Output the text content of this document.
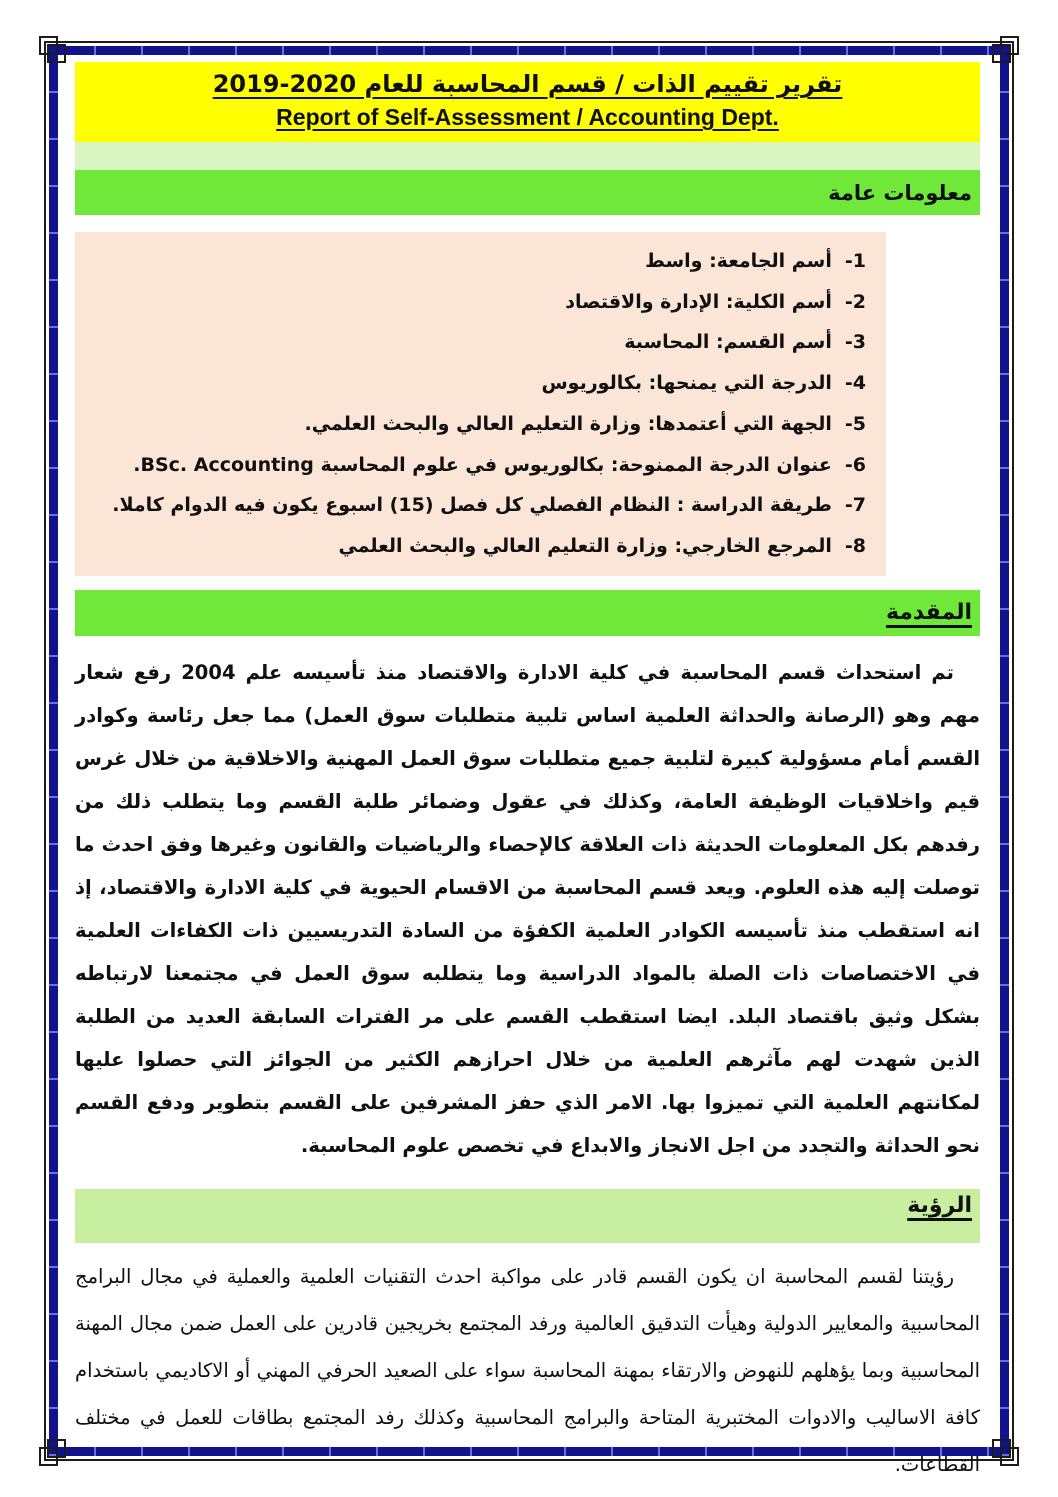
تقرير تقييم الذات / قسم المحاسبة للعام 2020-2019
Report of Self-Assessment / Accounting Dept.
معلومات عامة
1-أسم الجامعة: واسط
2-أسم الكلية: الإدارة والاقتصاد
3-أسم القسم: المحاسبة
4-الدرجة التي يمنحها: بكالوريوس
5-الجهة التي أعتمدها: وزارة التعليم العالي والبحث العلمي.
6-عنوان الدرجة الممنوحة: بكالوريوس في علوم المحاسبة BSc. Accounting.
7-طريقة الدراسة : النظام الفصلي كل فصل (15) اسبوع يكون فيه الدوام كاملا.
8-المرجع الخارجي: وزارة التعليم العالي والبحث العلمي
المقدمة
تم استحداث قسم المحاسبة في كلية الادارة والاقتصاد منذ تأسيسه علم 2004 رفع شعار مهم وهو (الرصانة والحداثة العلمية اساس تلبية متطلبات سوق العمل) مما جعل رئاسة وكوادر القسم أمام مسؤولية كبيرة لتلبية جميع متطلبات سوق العمل المهنية والاخلاقية من خلال غرس قيم واخلاقيات الوظيفة العامة، وكذلك في عقول وضمائر طلبة القسم وما يتطلب ذلك من رفدهم بكل المعلومات الحديثة ذات العلاقة كالإحصاء والرياضيات والقانون وغيرها وفق احدث ما توصلت إليه هذه العلوم. ويعد قسم المحاسبة من الاقسام الحيوية في كلية الادارة والاقتصاد، إذ انه استقطب منذ تأسيسه الكوادر العلمية الكفؤة من السادة التدريسيين ذات الكفاءات العلمية في الاختصاصات ذات الصلة بالمواد الدراسية وما يتطلبه سوق العمل في مجتمعنا لارتباطه بشكل وثيق باقتصاد البلد. ايضا استقطب القسم على مر الفترات السابقة العديد من الطلبة الذين شهدت لهم مآثرهم العلمية من خلال احرازهم الكثير من الجوائز التي حصلوا عليها لمكانتهم العلمية التي تميزوا بها. الامر الذي حفز المشرفين على القسم بتطوير ودفع القسم نحو الحداثة والتجدد من اجل الانجاز والابداع في تخصص علوم المحاسبة.
الرؤية
رؤيتنا لقسم المحاسبة ان يكون القسم قادر على مواكبة احدث التقنيات العلمية والعملية في مجال البرامج المحاسبية والمعايير الدولية وهيأت التدقيق العالمية ورفد المجتمع بخريجين قادرين على العمل ضمن مجال المهنة المحاسبية وبما يؤهلهم للنهوض والارتقاء بمهنة المحاسبة سواء على الصعيد الحرفي المهني أو الاكاديمي باستخدام كافة الاساليب والادوات المختبرية المتاحة والبرامج المحاسبية وكذلك رفد المجتمع بطاقات للعمل في مختلف القطاعات.
